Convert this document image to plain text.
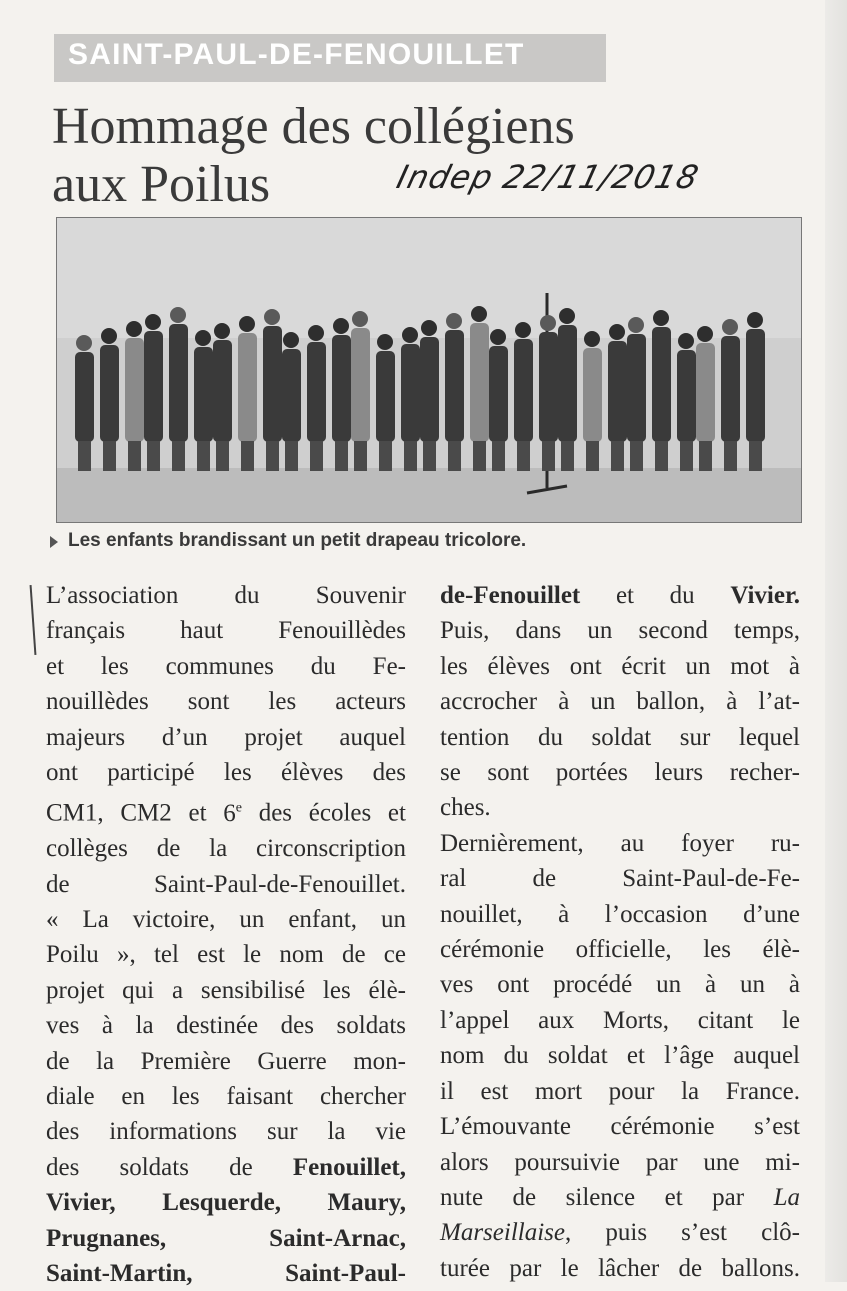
SAINT-PAUL-DE-FENOUILLET
Hommage des collégiens
aux Poilus	Indep 22/11/2018
Les enfants brandissant un petit drapeau tricolore.
L’association du Souvenir
français haut Fenouillèdes
et les communes du Fe-
nouillèdes sont les acteurs
majeurs d’un projet auquel
ont participé les élèves des
CM1, CM2 et 6e des écoles et
collèges de la circonscription
de Saint-Paul-de-Fenouillet.
« La victoire, un enfant, un
Poilu », tel est le nom de ce
projet qui a sensibilisé les élè-
ves à la destinée des soldats
de la Première Guerre mon-
diale en les faisant chercher
des informations sur la vie
des soldats de Fenouillet,
Vivier, Lesquerde, Maury,
Prugnanes, Saint-Arnac,
Saint-Martin, Saint-Paul-
de-Fenouillet et du Vivier.
Puis, dans un second temps,
les élèves ont écrit un mot à
accrocher à un ballon, à l’at-
tention du soldat sur lequel
se sont portées leurs recher-
ches.
Dernièrement, au foyer ru-
ral de Saint-Paul-de-Fe-
nouillet, à l’occasion d’une
cérémonie officielle, les élè-
ves ont procédé un à un à
l’appel aux Morts, citant le
nom du soldat et l’âge auquel
il est mort pour la France.
L’émouvante cérémonie s’est
alors poursuivie par une mi-
nute de silence et par La
Marseillaise, puis s’est clô-
turée par le lâcher de ballons.
